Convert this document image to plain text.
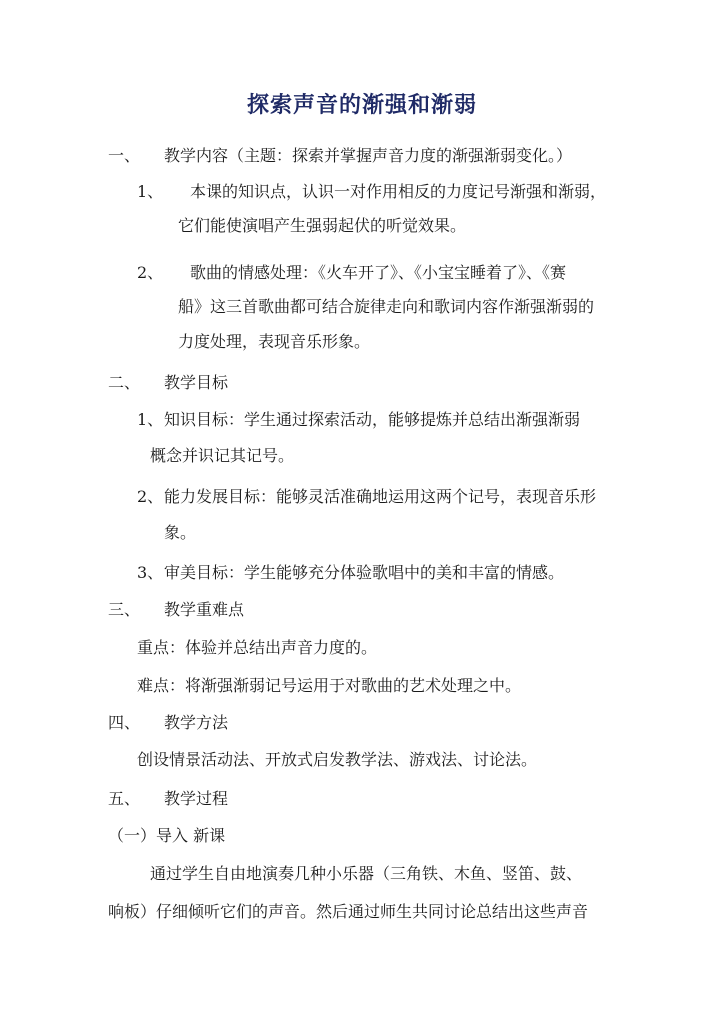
探索声音的渐强和渐弱
一、 教学内容（主题：探索并掌握声音力度的渐强渐弱变化。）
1、 本课的知识点，认识一对作用相反的力度记号渐强和渐弱，
它们能使演唱产生强弱起伏的听觉效果。
2、 歌曲的情感处理：《火车开了》、《小宝宝睡着了》、《赛
船》这三首歌曲都可结合旋律走向和歌词内容作渐强渐弱的
力度处理，表现音乐形象。
二、 教学目标
1、 知识目标：学生通过探索活动，能够提炼并总结出渐强渐弱
概念并识记其记号。
2、 能力发展目标：能够灵活准确地运用这两个记号，表现音乐形
象。
3、 审美目标：学生能够充分体验歌唱中的美和丰富的情感。
三、 教学重难点
重点：体验并总结出声音力度的。
难点：将渐强渐弱记号运用于对歌曲的艺术处理之中。
四、 教学方法
创设情景活动法、开放式启发教学法、游戏法、讨论法。
五、 教学过程
（一）导入 新课
通过学生自由地演奏几种小乐器（三角铁、木鱼、竖笛、鼓、
响板）仔细倾听它们的声音。然后通过师生共同讨论总结出这些声音
